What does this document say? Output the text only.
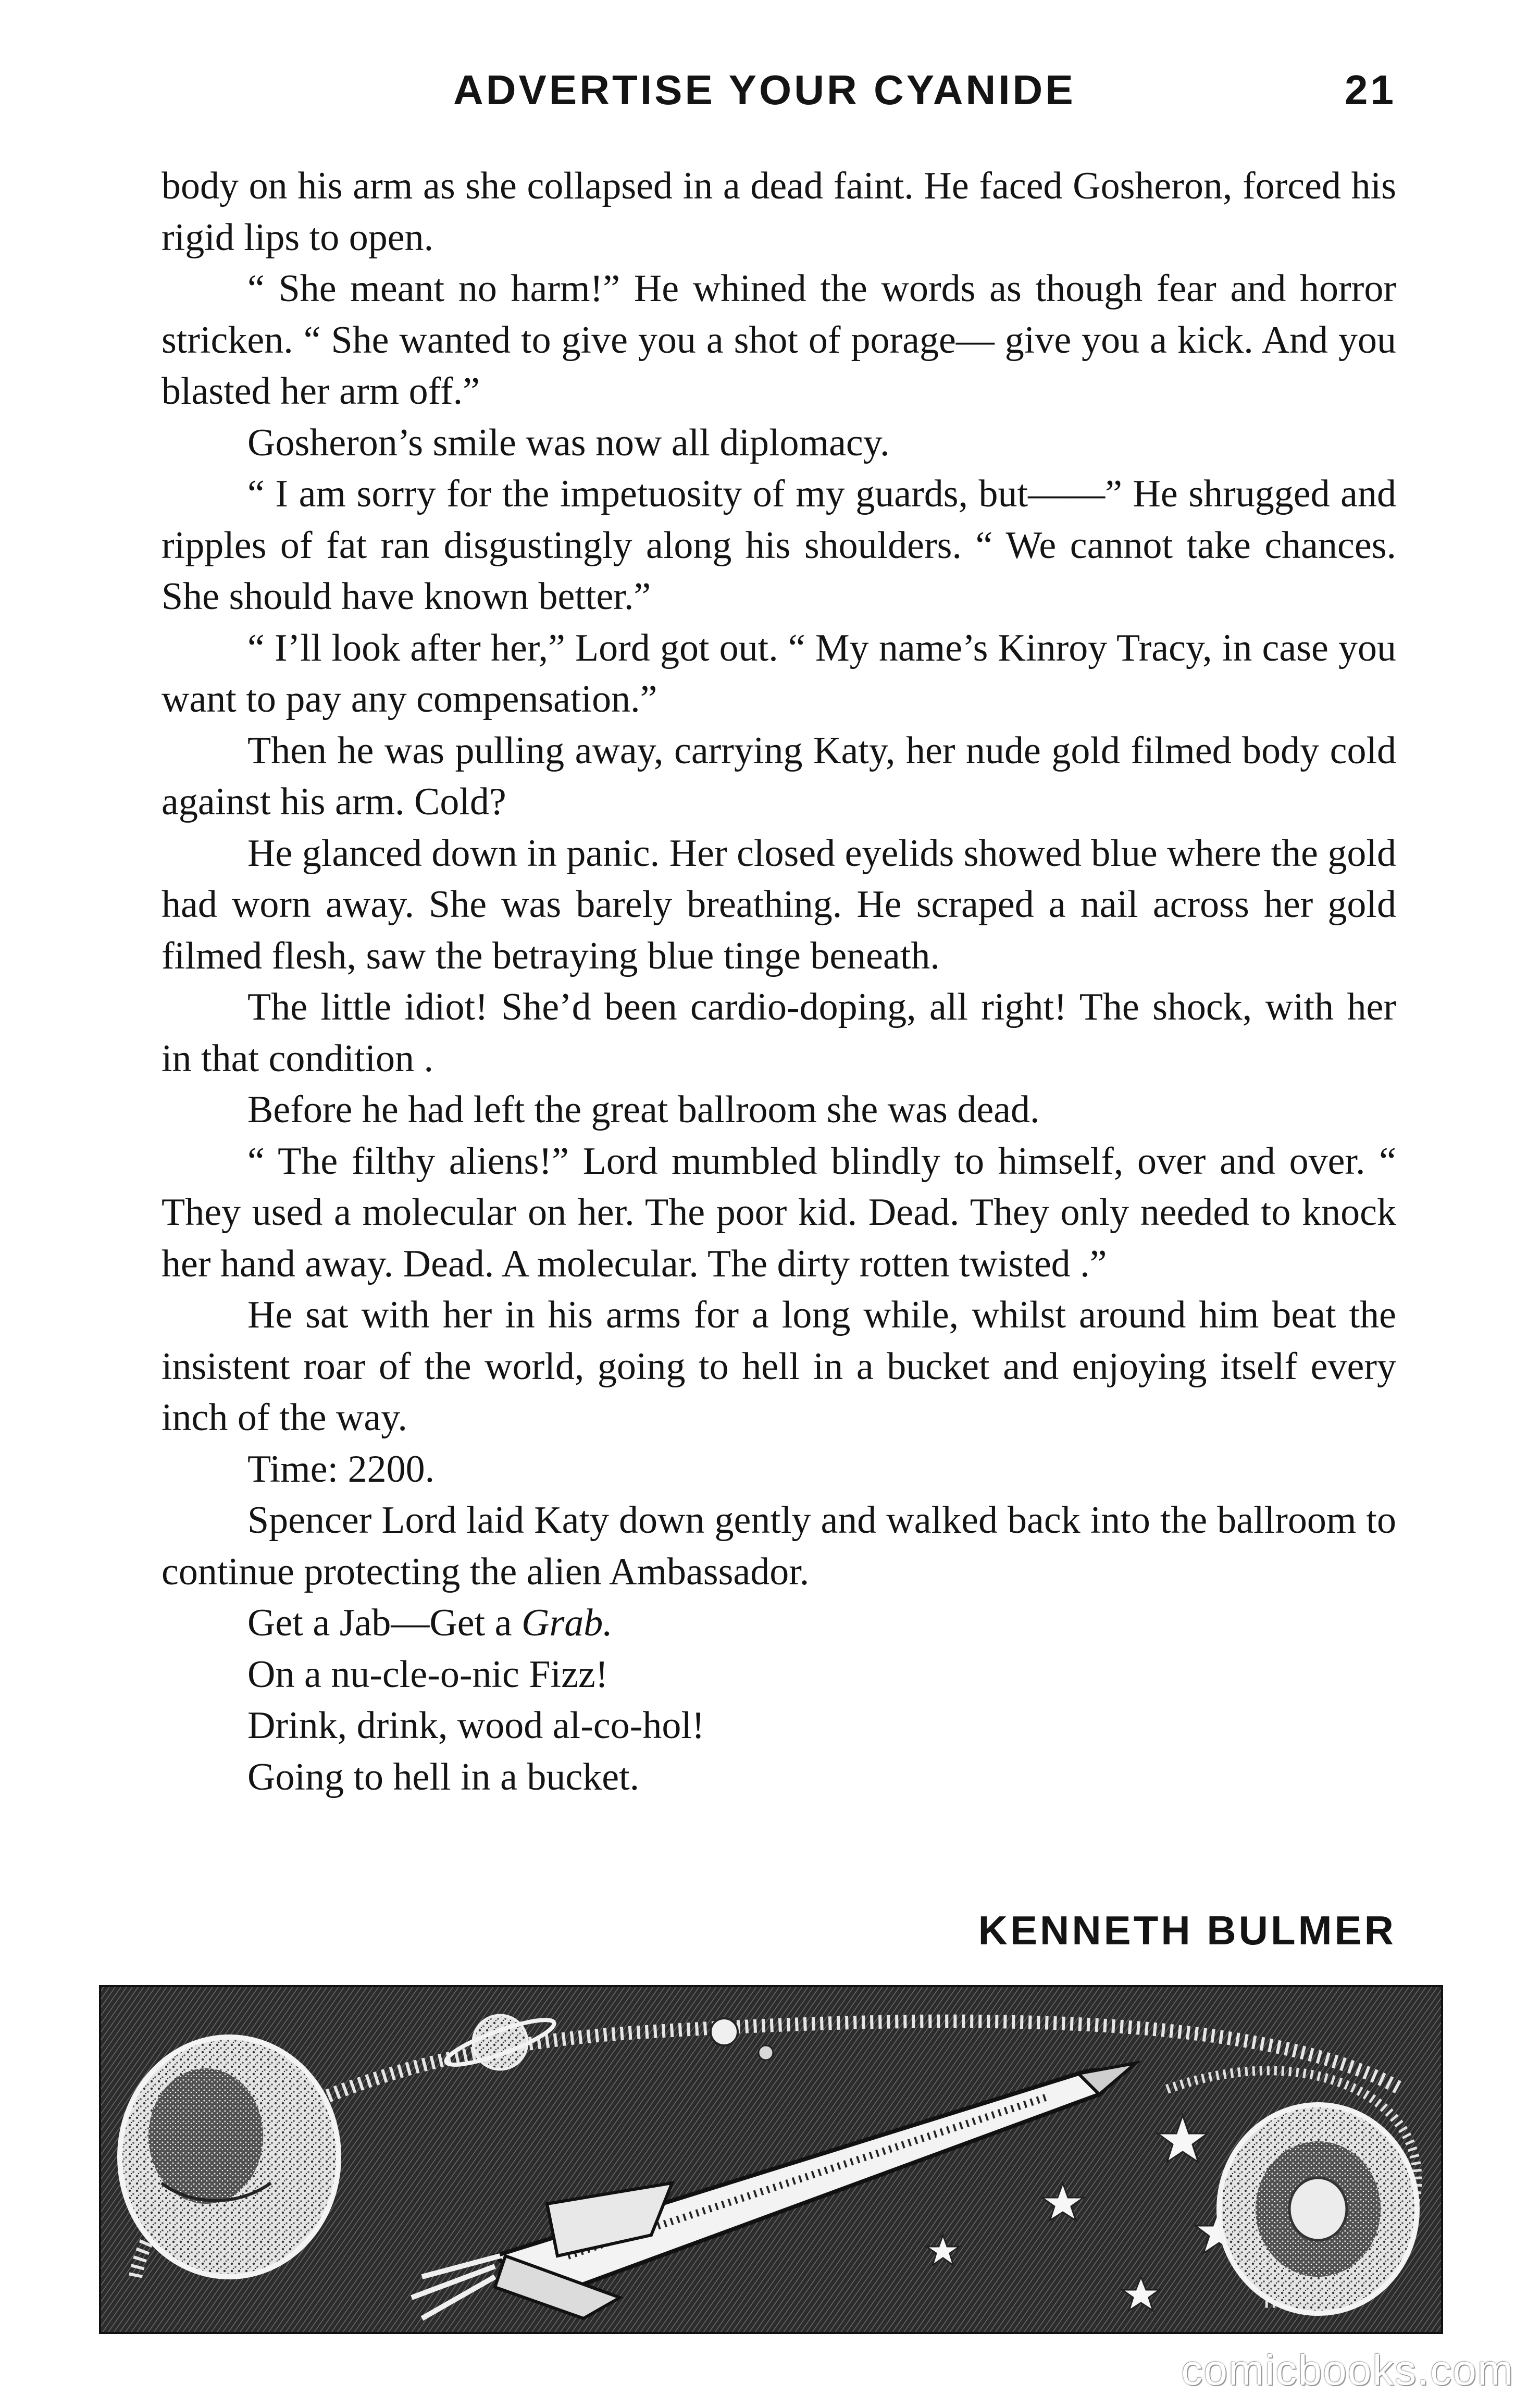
ADVERTISE YOUR CYANIDE	21

body on his arm as she collapsed in a dead faint. He faced Gosheron, forced his rigid lips to open.

“ She meant no harm!” He whined the words as though fear and horror stricken. “ She wanted to give you a shot of porage— give you a kick. And you blasted her arm off.”

Gosheron’s smile was now all diplomacy.

“ I am sorry for the impetuosity of my guards, but——” He shrugged and ripples of fat ran disgustingly along his shoulders. “ We cannot take chances. She should have known better.”

“ I’ll look after her,” Lord got out. “ My name’s Kinroy Tracy, in case you want to pay any compensation.”

Then he was pulling away, carrying Katy, her nude gold filmed body cold against his arm. Cold?

He glanced down in panic. Her closed eyelids showed blue where the gold had worn away. She was barely breathing. He scraped a nail across her gold filmed flesh, saw the betraying blue tinge beneath.

The little idiot! She’d been cardio-doping, all right! The shock, with her in that condition .

Before he had left the great ballroom she was dead.

“ The filthy aliens!” Lord mumbled blindly to himself, over and over. “ They used a molecular on her. The poor kid. Dead. They only needed to knock her hand away. Dead. A molecular. The dirty rotten twisted .”

He sat with her in his arms for a long while, whilst around him beat the insistent roar of the world, going to hell in a bucket and enjoying itself every inch of the way.

Time: 2200.

Spencer Lord laid Katy down gently and walked back into the ballroom to continue protecting the alien Ambassador.

Get a Jab—Get a Grab.

On a nu-cle-o-nic Fizz!

Drink, drink, wood al-co-hol!

Going to hell in a bucket.

KENNETH BULMER
comicbooks.com
